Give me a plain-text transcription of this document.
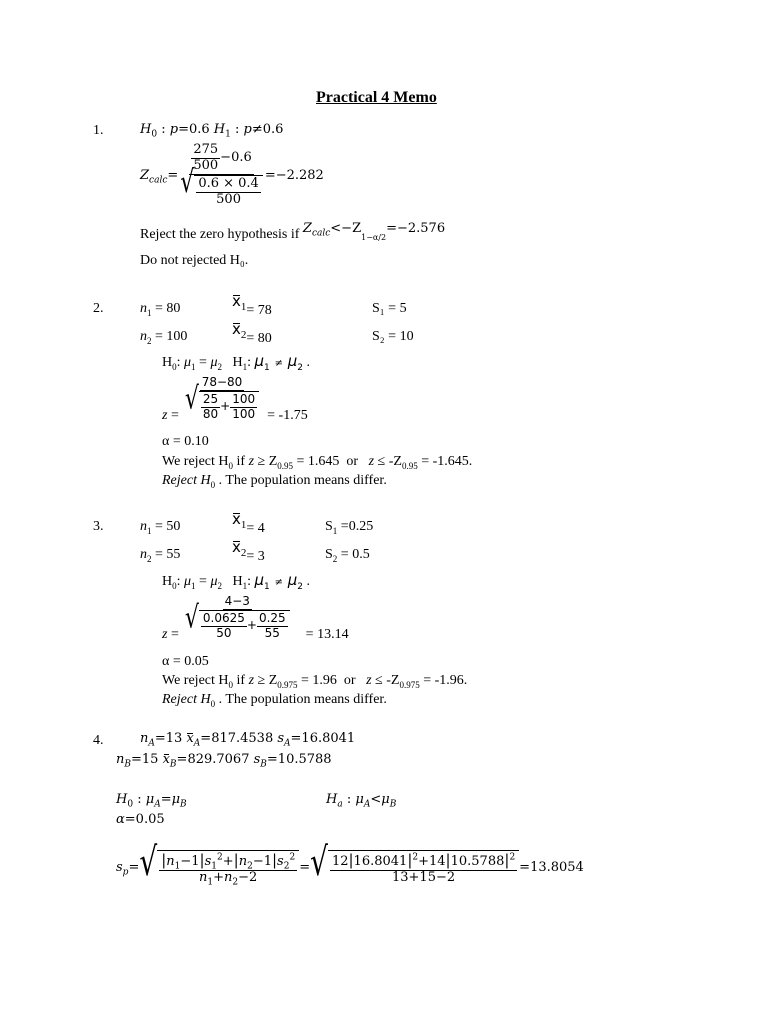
Practical 4 Memo
1.	$H_0$ : p=0.6 $H_1$ : p≠0.6
$Z_{calc}= \frac{\frac{275}{500} -0.6}{√ \frac{0.6 \times 0.4}{500}} =-2.282$
Reject the zero hypothesis if $Z_{calc}<-Z1-\alpha/2=-2.576$
Do not rejected H₀.
2.	$n_1 = 80$	$x_1= 78$	S₁ = 5
$n_2 = 100$	$x_2= 80$	S₂ = 10
$H_0$: $\mu_1 = \mu_2$   $H_1$: $\mu_1 \ne \mu_2$ .
$z = \frac{78-80}{√ \frac{25}{80} + \frac{100}{100}} = -1.75$
α = 0.10
We reject $H_0$ if $z \ge Z_{0.95} = 1.645$  or   $z \le -Z_{0.95} = -1.645$.
Reject $H_0$ . The population means differ.
3.	$n_1 = 50$	$x_1= 4$	$S_1 =0.25$
$n_2 = 55$	$x_2= 3$	$S_2 = 0.5$
$H_0$: $\mu_1 = \mu_2$   $H_1$: $\mu_1 \ne \mu_2$ .
$z = \frac{4-3}{√ \frac{0.0625}{50} + \frac{0.25}{55}} = 13.14$
α = 0.05
We reject $H_0$ if $z \ge Z_{0.975} = 1.96$  or   $z \le -Z_{0.975} = -1.96$.
Reject $H_0$ . The population means differ.
4.	$n_A=13$ $x_A=817.4538$ $s_A=16.8041$
$n_B=15$ $x_B=829.7067$ $s_B=10.5788$
$H_0$ : $\mu_A=\mu_B$	$H_a$ : $\mu_A<\mu_B$
α=0.05
$s_p=$ √ $\frac{|n_1-1|s_1^2+|n_2-1|s_2^2}{n_1+n_2-2}$ = √ $\frac{12|16.8041|^2+14|10.5788|^2}{13+15-2} =13.8054$
